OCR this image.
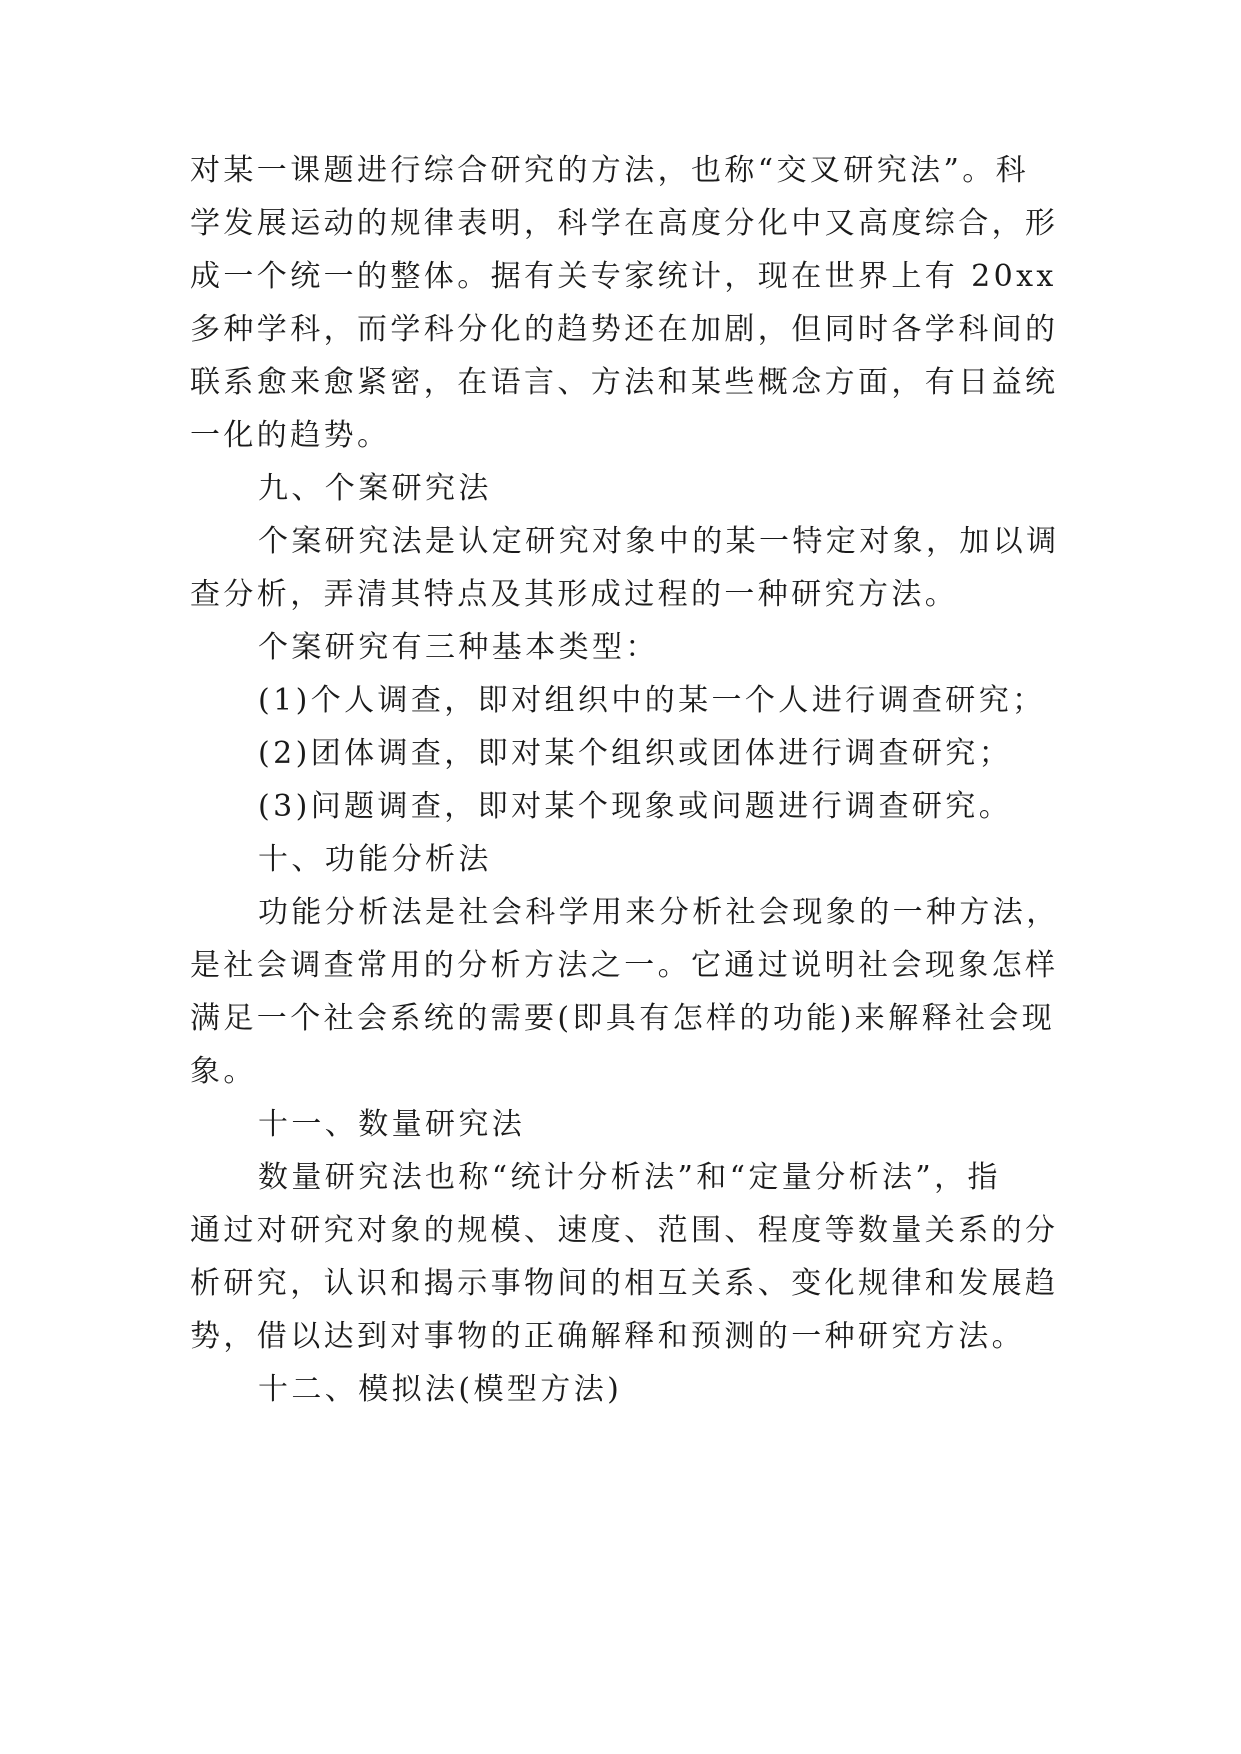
对某一课题进行综合研究的方法，也称“交叉研究法”。科
学发展运动的规律表明，科学在高度分化中又高度综合，形
成一个统一的整体。据有关专家统计，现在世界上有 20xx
多种学科，而学科分化的趋势还在加剧，但同时各学科间的
联系愈来愈紧密，在语言、方法和某些概念方面，有日益统
一化的趋势。
九、个案研究法
个案研究法是认定研究对象中的某一特定对象，加以调
查分析，弄清其特点及其形成过程的一种研究方法。
个案研究有三种基本类型：
(1)个人调查，即对组织中的某一个人进行调查研究；
(2)团体调查，即对某个组织或团体进行调查研究；
(3)问题调查，即对某个现象或问题进行调查研究。
十、功能分析法
功能分析法是社会科学用来分析社会现象的一种方法，
是社会调查常用的分析方法之一。它通过说明社会现象怎样
满足一个社会系统的需要(即具有怎样的功能)来解释社会现
象。
十一、数量研究法
数量研究法也称“统计分析法”和“定量分析法”，指
通过对研究对象的规模、速度、范围、程度等数量关系的分
析研究，认识和揭示事物间的相互关系、变化规律和发展趋
势，借以达到对事物的正确解释和预测的一种研究方法。
十二、模拟法(模型方法)
